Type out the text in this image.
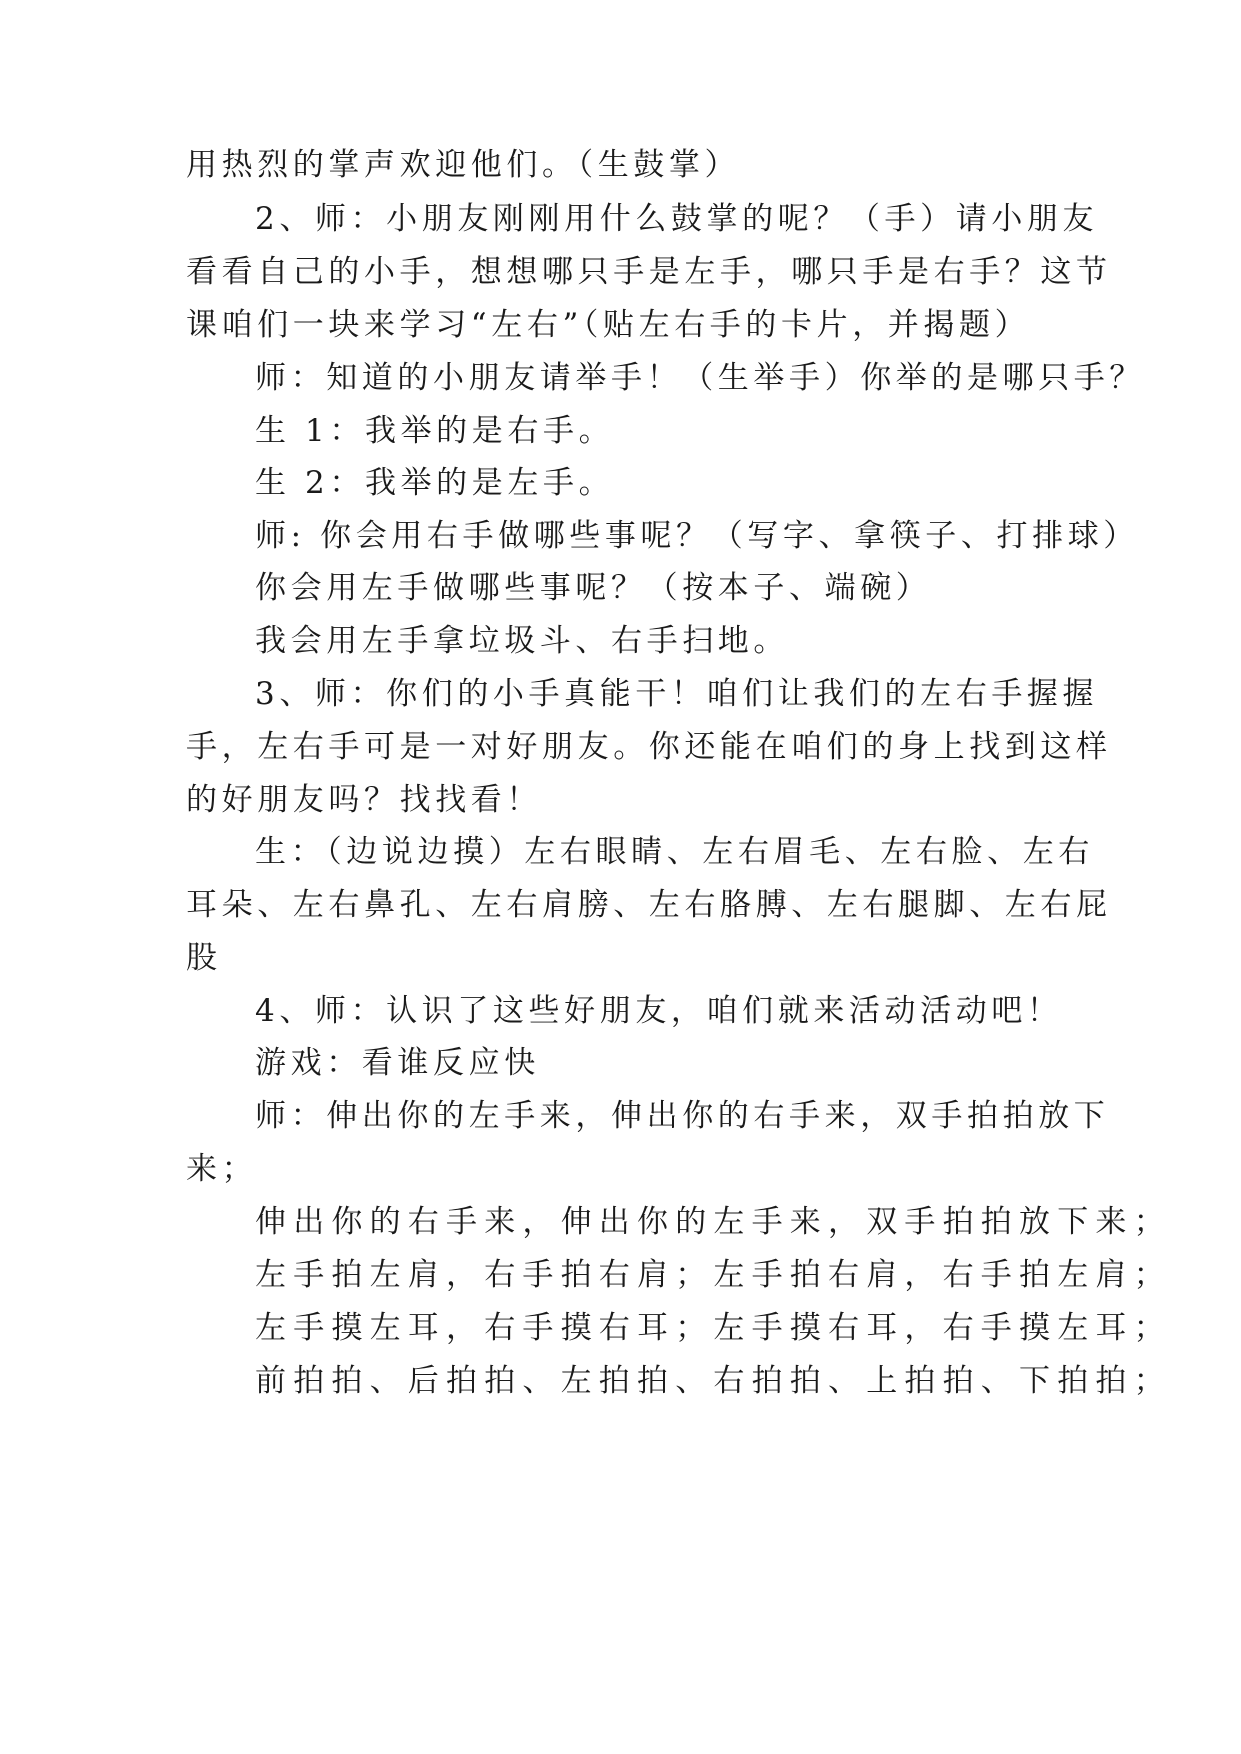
用热烈的掌声欢迎他们。（生鼓掌）
2、师：小朋友刚刚用什么鼓掌的呢？（手）请小朋友
看看自己的小手，想想哪只手是左手，哪只手是右手？这节
课咱们一块来学习“左右”（贴左右手的卡片，并揭题）
师：知道的小朋友请举手！（生举手）你举的是哪只手？
生 1：我举的是右手。
生 2：我举的是左手。
师: 你会用右手做哪些事呢？（写字、拿筷子、打排球）
你会用左手做哪些事呢？（按本子、端碗）
我会用左手拿垃圾斗、右手扫地。
3、师：你们的小手真能干！咱们让我们的左右手握握
手，左右手可是一对好朋友。你还能在咱们的身上找到这样
的好朋友吗？找找看！
生：（边说边摸）左右眼睛、左右眉毛、左右脸、左右
耳朵、左右鼻孔、左右肩膀、左右胳膊、左右腿脚、左右屁
股
4、师：认识了这些好朋友，咱们就来活动活动吧！
游戏：看谁反应快
师：伸出你的左手来，伸出你的右手来，双手拍拍放下
来；
伸出你的右手来，伸出你的左手来，双手拍拍放下来；
左手拍左肩，右手拍右肩；左手拍右肩，右手拍左肩；
左手摸左耳，右手摸右耳；左手摸右耳，右手摸左耳；
前拍拍、后拍拍、左拍拍、右拍拍、上拍拍、下拍拍；
